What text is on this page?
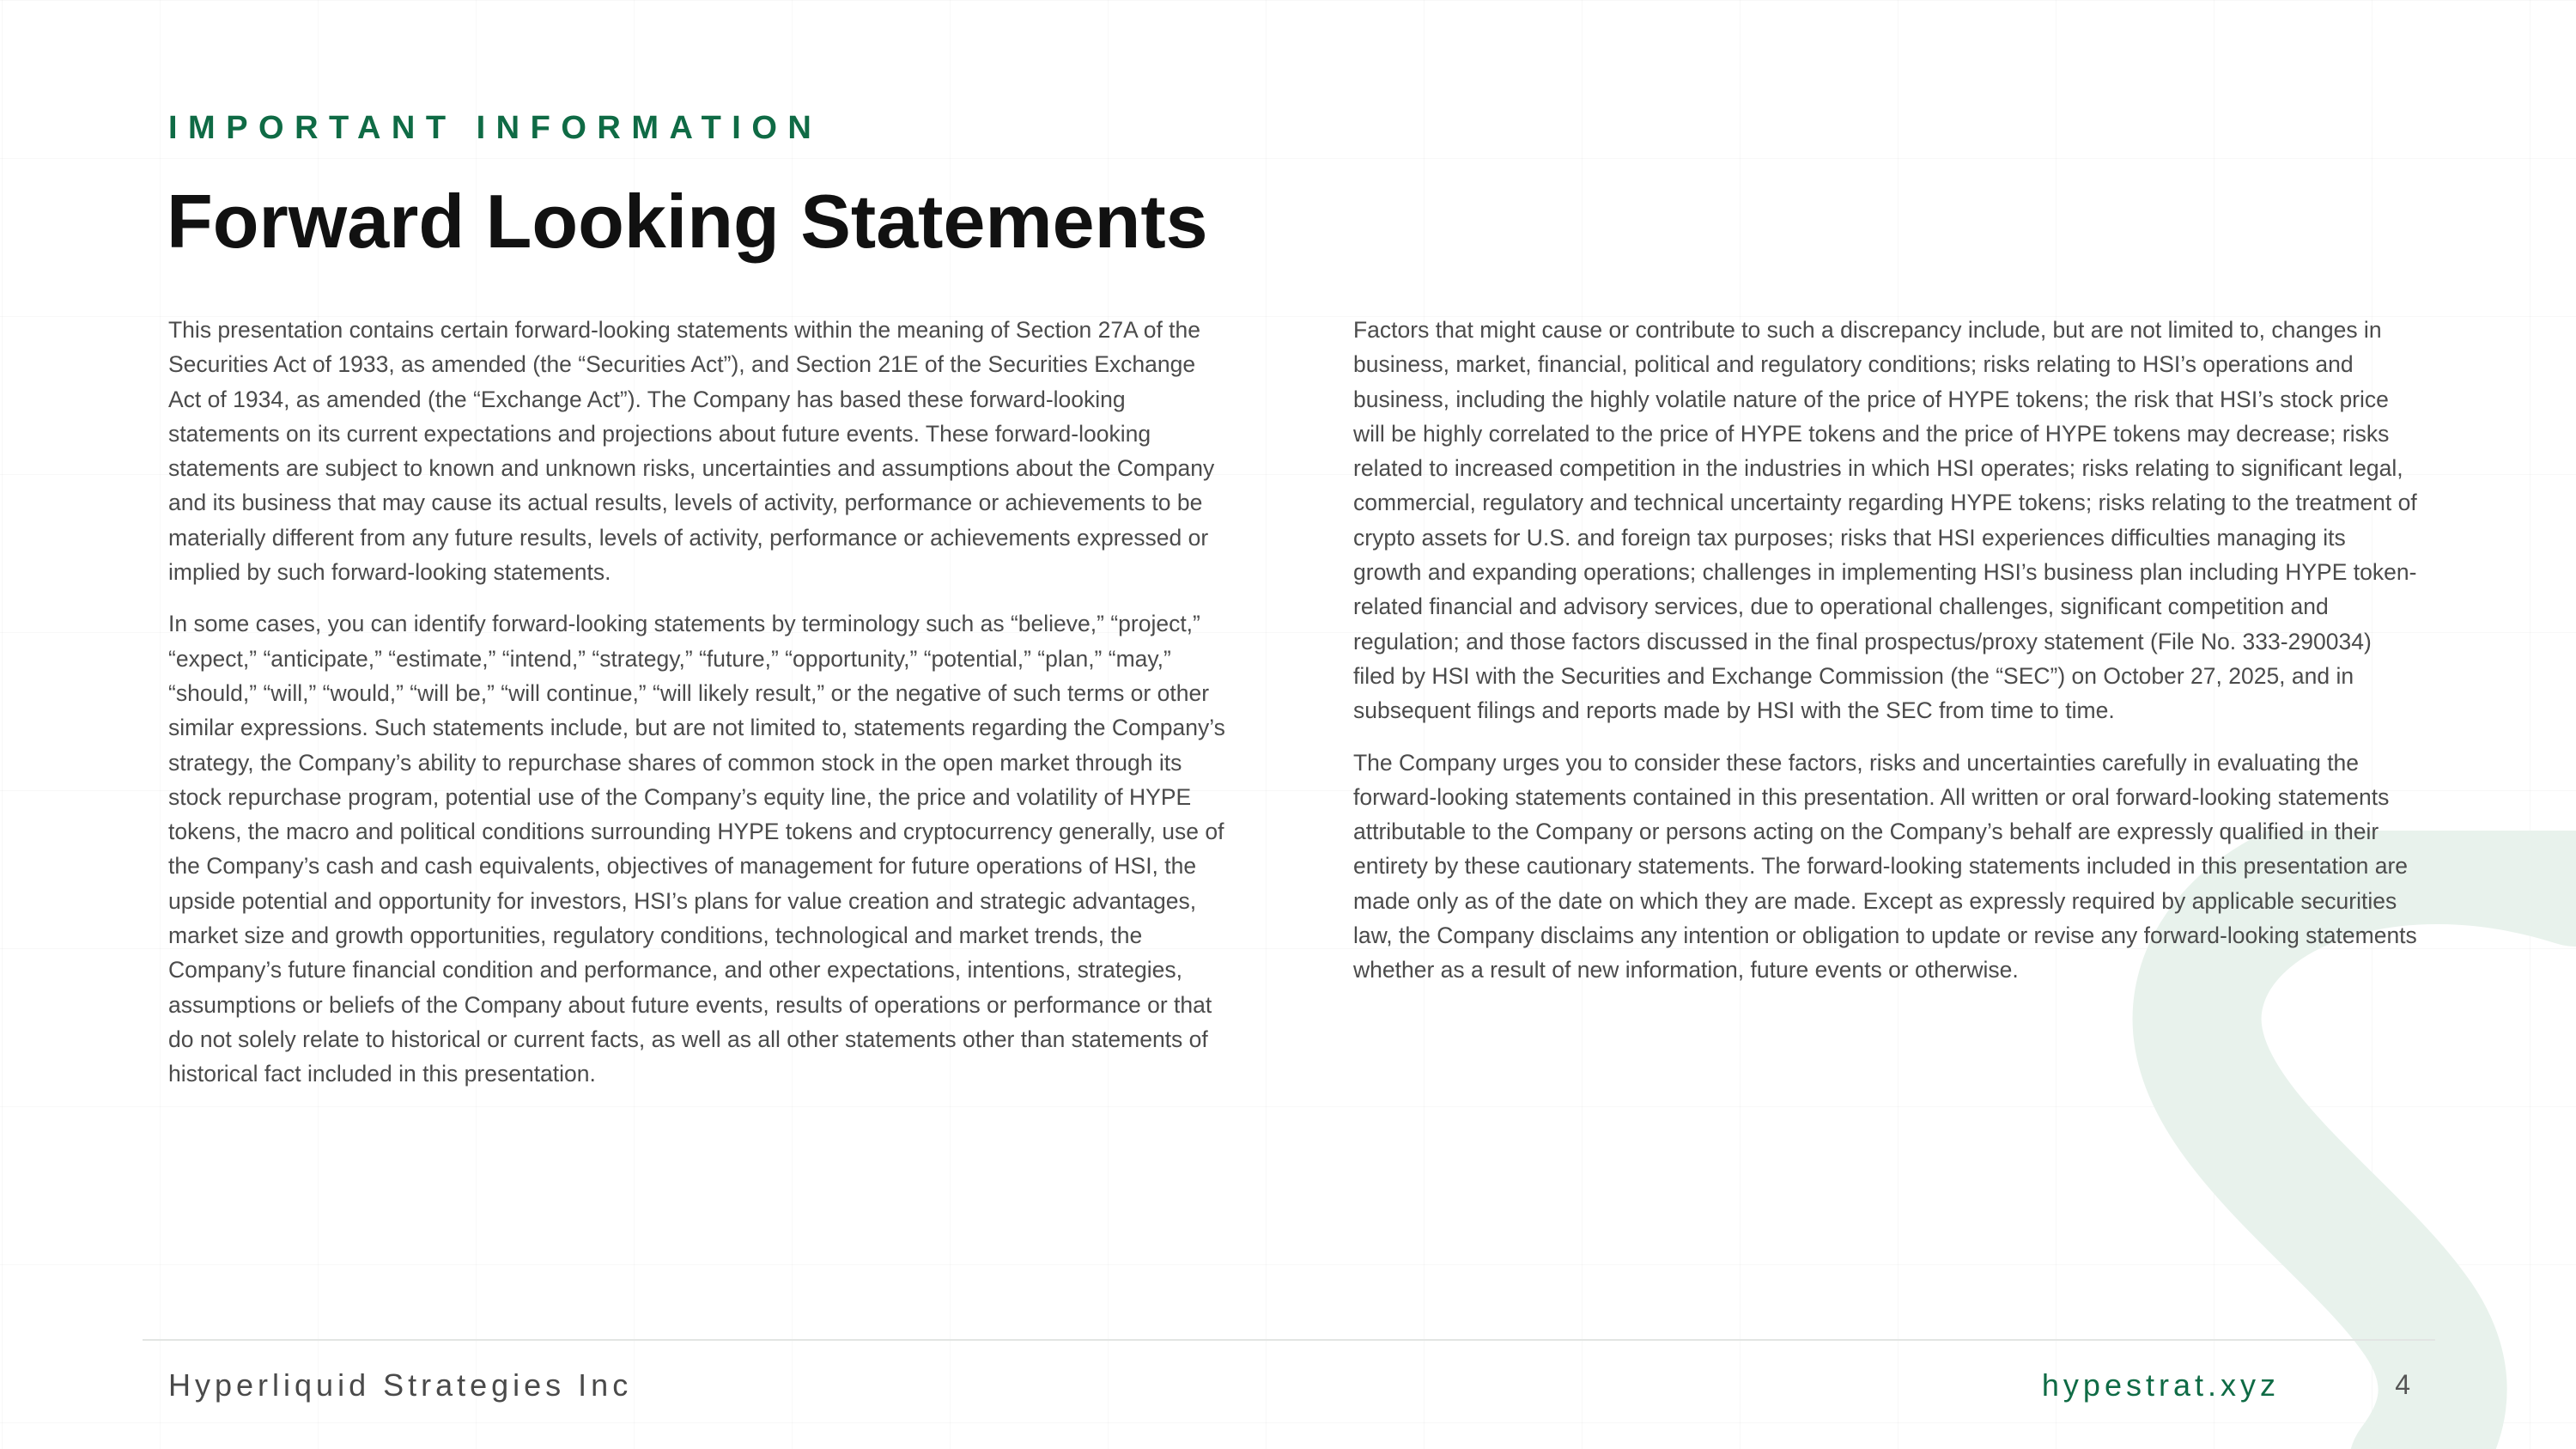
IMPORTANT INFORMATION
Forward Looking Statements

This presentation contains certain forward-looking statements within the meaning of Section 27A of the Securities Act of 1933, as amended (the “Securities Act”), and Section 21E of the Securities Exchange Act of 1934, as amended (the “Exchange Act”). The Company has based these forward-looking statements on its current expectations and projections about future events. These forward-looking statements are subject to known and unknown risks, uncertainties and assumptions about the Company and its business that may cause its actual results, levels of activity, performance or achievements to be materially different from any future results, levels of activity, performance or achievements expressed or implied by such forward-looking statements.

In some cases, you can identify forward-looking statements by terminology such as “believe,” “project,” “expect,” “anticipate,” “estimate,” “intend,” “strategy,” “future,” “opportunity,” “potential,” “plan,” “may,” “should,” “will,” “would,” “will be,” “will continue,” “will likely result,” or the negative of such terms or other similar expressions. Such statements include, but are not limited to, statements regarding the Company’s strategy, the Company’s ability to repurchase shares of common stock in the open market through its stock repurchase program, potential use of the Company’s equity line, the price and volatility of HYPE tokens, the macro and political conditions surrounding HYPE tokens and cryptocurrency generally, use of the Company’s cash and cash equivalents, objectives of management for future operations of HSI, the upside potential and opportunity for investors, HSI’s plans for value creation and strategic advantages, market size and growth opportunities, regulatory conditions, technological and market trends, the Company’s future financial condition and performance, and other expectations, intentions, strategies, assumptions or beliefs of the Company about future events, results of operations or performance or that do not solely relate to historical or current facts, as well as all other statements other than statements of historical fact included in this presentation.

Factors that might cause or contribute to such a discrepancy include, but are not limited to, changes in business, market, financial, political and regulatory conditions; risks relating to HSI’s operations and business, including the highly volatile nature of the price of HYPE tokens; the risk that HSI’s stock price will be highly correlated to the price of HYPE tokens and the price of HYPE tokens may decrease; risks related to increased competition in the industries in which HSI operates; risks relating to significant legal, commercial, regulatory and technical uncertainty regarding HYPE tokens; risks relating to the treatment of crypto assets for U.S. and foreign tax purposes; risks that HSI experiences difficulties managing its growth and expanding operations; challenges in implementing HSI’s business plan including HYPE token-related financial and advisory services, due to operational challenges, significant competition and regulation; and those factors discussed in the final prospectus/proxy statement (File No. 333-290034) filed by HSI with the Securities and Exchange Commission (the “SEC”) on October 27, 2025, and in subsequent filings and reports made by HSI with the SEC from time to time.

The Company urges you to consider these factors, risks and uncertainties carefully in evaluating the forward-looking statements contained in this presentation. All written or oral forward-looking statements attributable to the Company or persons acting on the Company’s behalf are expressly qualified in their entirety by these cautionary statements. The forward-looking statements included in this presentation are made only as of the date on which they are made. Except as expressly required by applicable securities law, the Company disclaims any intention or obligation to update or revise any forward-looking statements whether as a result of new information, future events or otherwise.

Hyperliquid Strategies Inc	hypestrat.xyz	4
